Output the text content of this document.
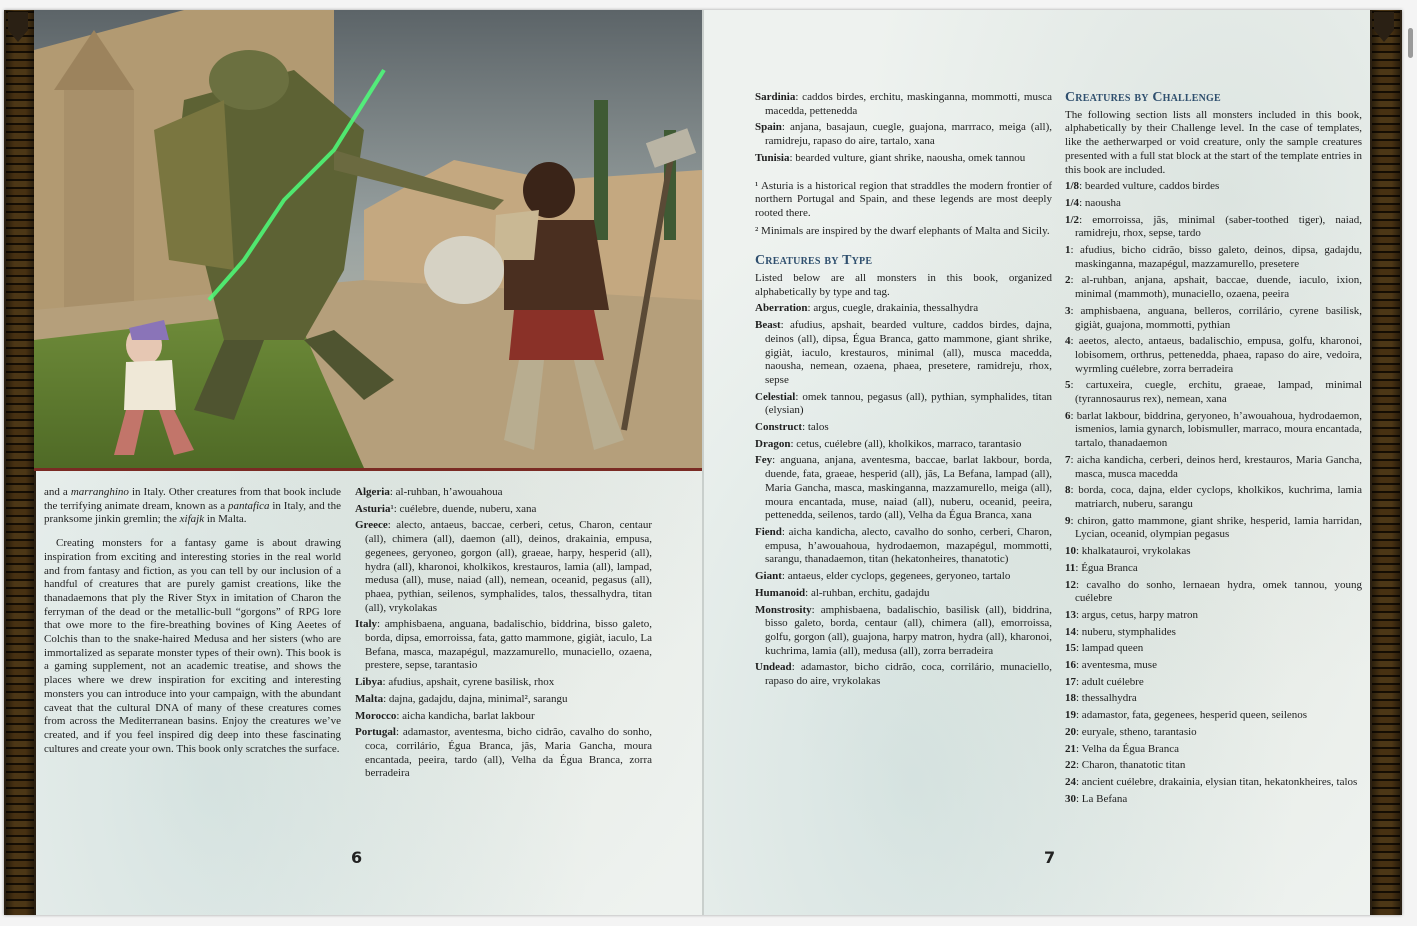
and a marranghino in Italy. Other creatures from that book include the terrifying animate dream, known as a pantafica in Italy, and the pranksome jinkin gremlin; the xifajk in Malta.

Creating monsters for a fantasy game is about drawing inspiration from exciting and interesting stories in the real world and from fantasy and fiction, as you can tell by our inclusion of a handful of creatures that are purely gamist creations, like the thanadaemons that ply the River Styx in imitation of Charon the ferryman of the dead or the metallic-bull “gorgons” of RPG lore that owe more to the fire-breathing bovines of King Aeetes of Colchis than to the snake-haired Medusa and her sisters (who are immortalized as separate monster types of their own). This book is a gaming supplement, not an academic treatise, and shows the places where we drew inspiration for exciting and interesting monsters you can introduce into your campaign, with the abundant caveat that the cultural DNA of many of these creatures comes from across the Mediterranean basins. Enjoy the creatures we’ve created, and if you feel inspired dig deep into these fascinating cultures and create your own. This book only scratches the surface.

Algeria: al-ruhban, h’awouahoua

Asturia¹: cuélebre, duende, nuberu, xana

Greece: alecto, antaeus, baccae, cerberi, cetus, Charon, centaur (all), chimera (all), daemon (all), deinos, drakainia, empusa, gegenees, geryoneo, gorgon (all), graeae, harpy, hesperid (all), hydra (all), kharonoi, kholkikos, krestauros, lamia (all), lampad, medusa (all), muse, naiad (all), nemean, oceanid, pegasus (all), phaea, pythian, seilenos, symphalides, talos, thessalhydra, titan (all), vrykolakas

Italy: amphisbaena, anguana, badalischio, biddrina, bisso galeto, borda, dipsa, emorroissa, fata, gatto mammone, gigiàt, iaculo, La Befana, masca, mazapégul, mazzamurello, munaciello, ozaena, prestere, sepse, tarantasio

Libya: afudius, apshait, cyrene basilisk, rhox

Malta: dajna, gadajdu, dajna, minimal², sarangu

Morocco: aicha kandicha, barlat lakbour

Portugal: adamastor, aventesma, bicho cidrão, cavalho do sonho, coca, corrilário, Égua Branca, jãs, Maria Gancha, moura encantada, peeira, tardo (all), Velha da Égua Branca, zorra berradeira

6

Sardinia: caddos birdes, erchitu, maskinganna, mommotti, musca macedda, pettenedda

Spain: anjana, basajaun, cuegle, guajona, marrraco, meiga (all), ramidreju, rapaso do aire, tartalo, xana

Tunisia: bearded vulture, giant shrike, naousha, omek tannou

¹ Asturia is a historical region that straddles the modern frontier of northern Portugal and Spain, and these legends are most deeply rooted there.

² Minimals are inspired by the dwarf elephants of Malta and Sicily.

Creatures by Type

Listed below are all monsters in this book, organized alphabetically by type and tag.

Aberration: argus, cuegle, drakainia, thessalhydra

Beast: afudius, apshait, bearded vulture, caddos birdes, dajna, deinos (all), dipsa, Égua Branca, gatto mammone, giant shrike, gigiàt, iaculo, krestauros, minimal (all), musca macedda, naousha, nemean, ozaena, phaea, presetere, ramidreju, rhox, sepse

Celestial: omek tannou, pegasus (all), pythian, symphalides, titan (elysian)

Construct: talos

Dragon: cetus, cuélebre (all), kholkikos, marraco, tarantasio

Fey: anguana, anjana, aventesma, baccae, barlat lakbour, borda, duende, fata, graeae, hesperid (all), jãs, La Befana, lampad (all), Maria Gancha, masca, maskinganna, mazzamurello, meiga (all), moura encantada, muse, naiad (all), nuberu, oceanid, peeira, pettenedda, seilenos, tardo (all), Velha da Égua Branca, xana

Fiend: aicha kandicha, alecto, cavalho do sonho, cerberi, Charon, empusa, h’awouahoua, hydrodaemon, mazapégul, mommotti, sarangu, thanadaemon, titan (hekatonheires, thanatotic)

Giant: antaeus, elder cyclops, gegenees, geryoneo, tartalo

Humanoid: al-ruhban, erchitu, gadajdu

Monstrosity: amphisbaena, badalischio, basilisk (all), biddrina, bisso galeto, borda, centaur (all), chimera (all), emorroissa, golfu, gorgon (all), guajona, harpy matron, hydra (all), kharonoi, kuchrima, lamia (all), medusa (all), zorra berradeira

Undead: adamastor, bicho cidrão, coca, corrilário, munaciello, rapaso do aire, vrykolakas

Creatures by Challenge

The following section lists all monsters included in this book, alphabetically by their Challenge level. In the case of templates, like the aetherwarped or void creature, only the sample creatures presented with a full stat block at the start of the template entries in this book are included.

1/8: bearded vulture, caddos birdes

1/4: naousha

1/2: emorroissa, jãs, minimal (saber-toothed tiger), naiad, ramidreju, rhox, sepse, tardo

1: afudius, bicho cidrão, bisso galeto, deinos, dipsa, gadajdu, maskinganna, mazapégul, mazzamurello, presetere

2: al-ruhban, anjana, apshait, baccae, duende, iaculo, ixion, minimal (mammoth), munaciello, ozaena, peeira

3: amphisbaena, anguana, belleros, corrilário, cyrene basilisk, gigiàt, guajona, mommotti, pythian

4: aeetos, alecto, antaeus, badalischio, empusa, golfu, kharonoi, lobisomem, orthrus, pettenedda, phaea, rapaso do aire, vedoira, wyrmling cuélebre, zorra berradeira

5: cartuxeira, cuegle, erchitu, graeae, lampad, minimal (tyrannosaurus rex), nemean, xana

6: barlat lakbour, biddrina, geryoneo, h’awouahoua, hydrodaemon, ismenios, lamia gynarch, lobismuller, marraco, moura encantada, tartalo, thanadaemon

7: aicha kandicha, cerberi, deinos herd, krestauros, Maria Gancha, masca, musca macedda

8: borda, coca, dajna, elder cyclops, kholkikos, kuchrima, lamia matriarch, nuberu, sarangu

9: chiron, gatto mammone, giant shrike, hesperid, lamia harridan, Lycian, oceanid, olympian pegasus

10: khalkatauroi, vrykolakas

11: Égua Branca

12: cavalho do sonho, lernaean hydra, omek tannou, young cuélebre

13: argus, cetus, harpy matron

14: nuberu, stymphalides

15: lampad queen

16: aventesma, muse

17: adult cuélebre

18: thessalhydra

19: adamastor, fata, gegenees, hesperid queen, seilenos

20: euryale, stheno, tarantasio

21: Velha da Égua Branca

22: Charon, thanatotic titan

24: ancient cuélebre, drakainia, elysian titan, hekatonkheires, talos

30: La Befana

7
